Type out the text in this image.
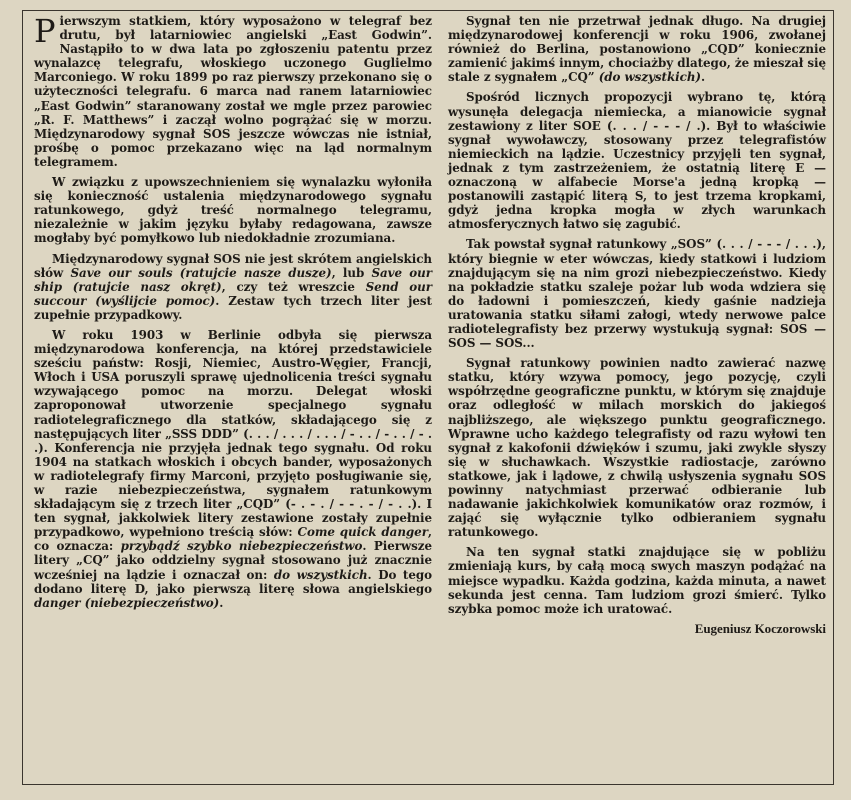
Pierwszym statkiem, który wyposażono w telegraf bez drutu, był latarniowiec angielski „East Godwin”. Nastąpiło to w dwa lata po zgłoszeniu patentu przez wynalazcę telegrafu, włoskiego uczonego Guglielmo Marconiego. W roku 1899 po raz pierwszy przekonano się o użyteczności telegrafu. 6 marca nad ranem latarniowiec „East Godwin” staranowany został we mgle przez parowiec „R. F. Matthews” i zaczął wolno pogrążać się w morzu. Międzynarodowy sygnał SOS jeszcze wówczas nie istniał, prośbę o pomoc przekazano więc na ląd normalnym telegramem.

W związku z upowszechnieniem się wynalazku wyłoniła się konieczność ustalenia międzynarodowego sygnału ratunkowego, gdyż treść normalnego telegramu, niezależnie w jakim języku byłaby redagowana, zawsze mogłaby być pomyłkowo lub niedokładnie zrozumiana.

Międzynarodowy sygnał SOS nie jest skrótem angielskich słów Save our souls (ratujcie nasze dusze), lub Save our ship (ratujcie nasz okręt), czy też wreszcie Send our succour (wyślijcie pomoc). Zestaw tych trzech liter jest zupełnie przypadkowy.

W roku 1903 w Berlinie odbyła się pierwsza międzynarodowa konferencja, na której przedstawiciele sześciu państw: Rosji, Niemiec, Austro-Węgier, Francji, Włoch i USA poruszyli sprawę ujednolicenia treści sygnału wzywającego pomoc na morzu. Delegat włoski zaproponował utworzenie specjalnego sygnału radiotelegraficznego dla statków, składającego się z następujących liter „SSS DDD” (. . . / . . . / . . . / - . . / - . . / - . .). Konferencja nie przyjęła jednak tego sygnału. Od roku 1904 na statkach włoskich i obcych bander, wyposażonych w radiotelegrafy firmy Marconi, przyjęto posługiwanie się, w razie niebezpieczeństwa, sygnałem ratunkowym składającym się z trzech liter „CQD” (- . - . / - - . - / - . .). I ten sygnał, jakkolwiek litery zestawione zostały zupełnie przypadkowo, wypełniono treścią słów: Come quick danger, co oznacza: przybądź szybko niebezpieczeństwo. Pierwsze litery „CQ” jako oddzielny sygnał stosowano już znacznie wcześniej na lądzie i oznaczał on: do wszystkich. Do tego dodano literę D, jako pierwszą literę słowa angielskiego danger (niebezpieczeństwo).

Sygnał ten nie przetrwał jednak długo. Na drugiej międzynarodowej konferencji w roku 1906, zwołanej również do Berlina, postanowiono „CQD” koniecznie zamienić jakimś innym, chociażby dlatego, że mieszał się stale z sygnałem „CQ” (do wszystkich).

Spośród licznych propozycji wybrano tę, którą wysunęła delegacja niemiecka, a mianowicie sygnał zestawiony z liter SOE (. . . / - - - / .). Był to właściwie sygnał wywoławczy, stosowany przez telegrafistów niemieckich na lądzie. Uczestnicy przyjęli ten sygnał, jednak z tym zastrzeżeniem, że ostatnią literę E — oznaczoną w alfabecie Morse'a jedną kropką — postanowili zastąpić literą S, to jest trzema kropkami, gdyż jedna kropka mogła w złych warunkach atmosferycznych łatwo się zagubić.

Tak powstał sygnał ratunkowy „SOS” (. . . / - - - / . . .), który biegnie w eter wówczas, kiedy statkowi i ludziom znajdującym się na nim grozi niebezpieczeństwo. Kiedy na pokładzie statku szaleje pożar lub woda wdziera się do ładowni i pomieszczeń, kiedy gaśnie nadzieja uratowania statku siłami załogi, wtedy nerwowe palce radiotelegrafisty bez przerwy wystukują sygnał: SOS — SOS — SOS...

Sygnał ratunkowy powinien nadto zawierać nazwę statku, który wzywa pomocy, jego pozycję, czyli współrzędne geograficzne punktu, w którym się znajduje oraz odległość w milach morskich do jakiegoś najbliższego, ale większego punktu geograficznego. Wprawne ucho każdego telegrafisty od razu wyłowi ten sygnał z kakofonii dźwięków i szumu, jaki zwykle słyszy się w słuchawkach. Wszystkie radiostacje, zarówno statkowe, jak i lądowe, z chwilą usłyszenia sygnału SOS powinny natychmiast przerwać odbieranie lub nadawanie jakichkolwiek komunikatów oraz rozmów, i zająć się wyłącznie tylko odbieraniem sygnału ratunkowego.

Na ten sygnał statki znajdujące się w pobliżu zmieniają kurs, by całą mocą swych maszyn podążać na miejsce wypadku. Każda godzina, każda minuta, a nawet sekunda jest cenna. Tam ludziom grozi śmierć. Tylko szybka pomoc może ich uratować.

Eugeniusz Koczorowski
